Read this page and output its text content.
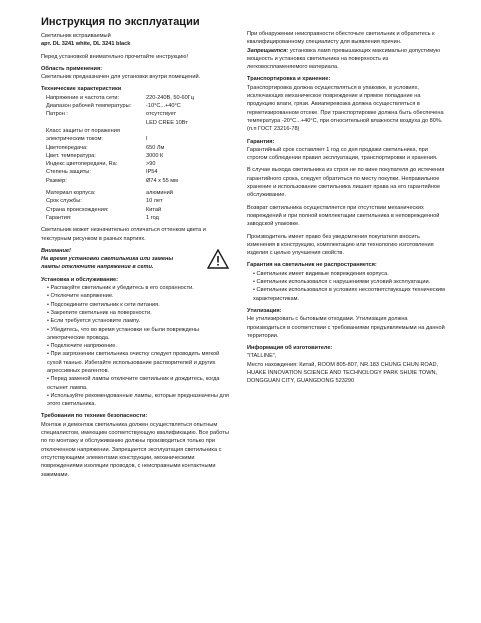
Инструкция по эксплуатации

Светильник встраиваемый

арт. DL 3241 white, DL 3241 black

Перед установкой внимательно прочитайте инструкцию!

Область применения:

Светильник предназначен для установки внутри помещений.

Технические характеристики

Напряжение и частота сети:	220-240В, 50-60Гц
Диапазон рабочей температуры:	-10°C...+40°C
Патрон :	отсутствует
LED CREE 10Вт
Класс защиты от поражения электрическим током:	I
Цветопередача:	650 Лм
Цвет. температура:	3000 К
Индекс цветопередачи, Ra:	>90
Степень защиты:	IP54
Размер:	Ø74 x 55 мм
Материал корпуса:	алюминий
Срок службы:	10 лет
Страна происхождения:	Китай
Гарантия:	1 год

Светильник может незначительно отличаться оттенком цвета и текстурным рисунком в разных партиях.

Внимание!

На время установки светильника или замены

лампы отключите напряжение в сети.

Установка и обслуживание:

• Распакуйте светильник и убедитесь в его сохранности.

• Отключите напряжение.

• Подсоедините светильник к сети питания.

• Закрепите светильник на поверхности.

• Если требуется установите лампу.

• Убедитесь, что во время установки не были повреждены электрические провода.

• Подключите напряжение.

• При загрязнении светильника очистку следует проводить мягкой сухой тканью. Избегайте использование растворителей и других агрессивных реагентов.

• Перед заменой лампы отключите светильник и дождитесь, когда остынет лампа.

• Используйте рекомендованные лампы, которые предназначены для этого светильника.

Требования по технике безопасности:

Монтаж и демонтаж светильника должен осуществляться опытным специалистом, имеющим соответствующую квалификацию. Все работы по по монтажу и обслуживанию должны производиться только при отключенном напряжении. Запрещается эксплуатация светильника с отсутствующими элементами конструкции, механическими повреждениями изоляции проводов, с неисправными контактными зажимами.

При обнаружении неисправности обесточьте светильник и обратитесь к квалифицированному специалисту для выявления причин.

Запрещается: установка ламп превышающих максимально допустимую мощность и установка светильника на поверхность из легковоспламеняемого материала.

Транспортировка и хранение:

Транспортировка должна осуществляться в упаковке, в условиях, исключающих механическое повреждение и прямое попадание на продукцию влаги, грязи. Авиаперевозка должна осуществляться в герметизированном отсеке. При транспортировке должна быть обеспечена температура -20°C...+40°C, при относительной влажности воздуха до 80%. (п.п ГОСТ 23216-78)

Гарантия:

Гарантийный срок составляет 1 год со дня продажи светильника, при строгом соблюдении правил эксплуатации, транспортировки и хранения.

В случае выхода светильника из строя не по вине покупателя до истечения гарантийного срока, следует обратиться по месту покупки. Неправильное хранение и использование светильника лишает права на его гарантийное обслуживание.

Возврат светильника осуществляется при отсутствии механических повреждений и при полной комплектации светильника в неповрежденной заводской упаковке.

Производитель имеет право без уведомления покупателя вносить изменения в конструкцию, комплектацию или технологию изготовления изделия с целью улучшения свойств.

Гарантия на светильник не распространяется:

• Светильник имеет видимые повреждения корпуса.

• Светильник использовался с нарушениями условий эксплуатации.

• Светильник использовался в условиях несоответствующих техническим характеристикам.

Утилизация:

Не утилизировать с бытовыми отходами. Утилизация должна производиться в соответствии с требованиями предъявляемыми на данной территории.

Информация об изготовителе:

"ITALLINE",

Место нахождения: Китай, ROOM 805-807, NR.183 CHUNG CHUN ROAD, HUAKE INNOVATION SCIENCE AND TECHNOLOGY PARK SHIJIE TOWN, DONGGUAN CITY, GUANGDONG 523290
